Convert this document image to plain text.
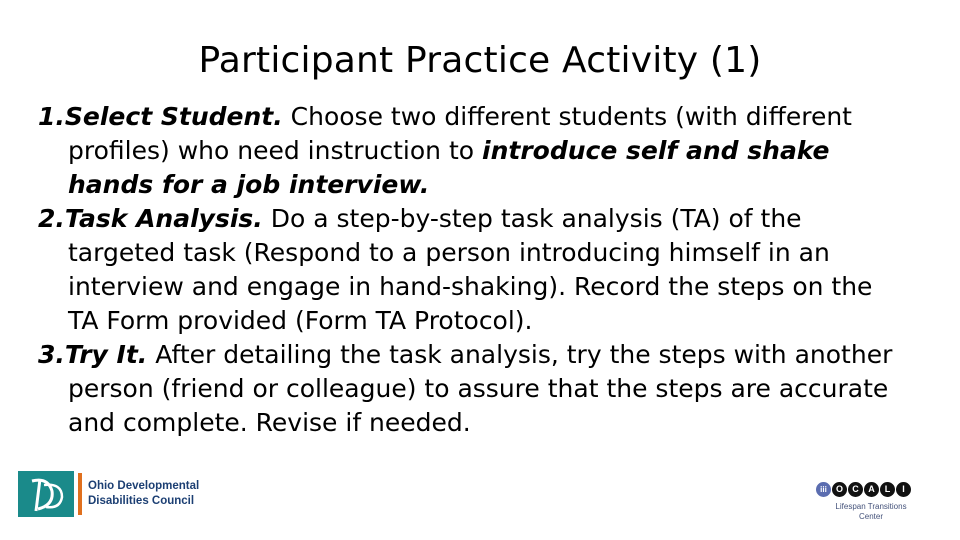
Participant Practice Activity (1)

1.Select Student. Choose two different students (with different profiles) who need instruction to introduce self and shake hands for a job interview.

2.Task Analysis. Do a step-by-step task analysis (TA) of the targeted task (Respond to a person introducing himself in an interview and engage in hand-shaking). Record the steps on the TA Form provided (Form TA Protocol).

3.Try It. After detailing the task analysis, try the steps with another person (friend or colleague) to assure that the steps are accurate and complete. Revise if needed.

Ohio Developmental
Disabilities Council
iii O C A L I
Lifespan Transitions
Center
